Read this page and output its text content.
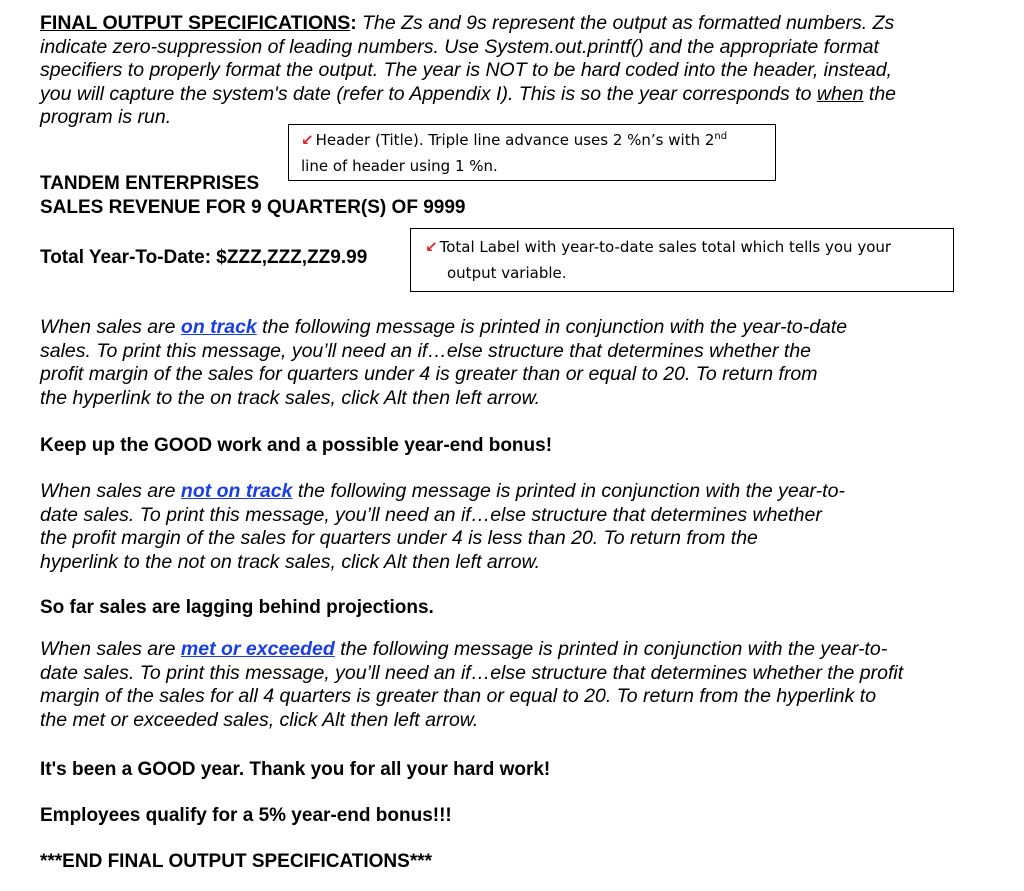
FINAL OUTPUT SPECIFICATIONS: The Zs and 9s represent the output as formatted numbers. Zs
indicate zero-suppression of leading numbers. Use System.out.printf() and the appropriate format
specifiers to properly format the output. The year is NOT to be hard coded into the header, instead,
you will capture the system's date (refer to Appendix I). This is so the year corresponds to when the
program is run.
↙ Header (Title). Triple line advance uses 2 %n’s with 2nd
line of header using 1 %n.
TANDEM ENTERPRISES
SALES REVENUE FOR 9 QUARTER(S) OF 9999
Total Year-To-Date: $ZZZ,ZZZ,ZZ9.99	↙ Total Label with year-to-date sales total which tells you your
output variable.
When sales are on track the following message is printed in conjunction with the year-to-date
sales. To print this message, you’ll need an if…else structure that determines whether the
profit margin of the sales for quarters under 4 is greater than or equal to 20. To return from
the hyperlink to the on track sales, click Alt then left arrow.
Keep up the GOOD work and a possible year-end bonus!
When sales are not on track the following message is printed in conjunction with the year-to-
date sales. To print this message, you’ll need an if…else structure that determines whether
the profit margin of the sales for quarters under 4 is less than 20. To return from the
hyperlink to the not on track sales, click Alt then left arrow.
So far sales are lagging behind projections.
When sales are met or exceeded the following message is printed in conjunction with the year-to-
date sales. To print this message, you’ll need an if…else structure that determines whether the profit
margin of the sales for all 4 quarters is greater than or equal to 20. To return from the hyperlink to
the met or exceeded sales, click Alt then left arrow.
It's been a GOOD year. Thank you for all your hard work!
Employees qualify for a 5% year-end bonus!!!
***END FINAL OUTPUT SPECIFICATIONS***
